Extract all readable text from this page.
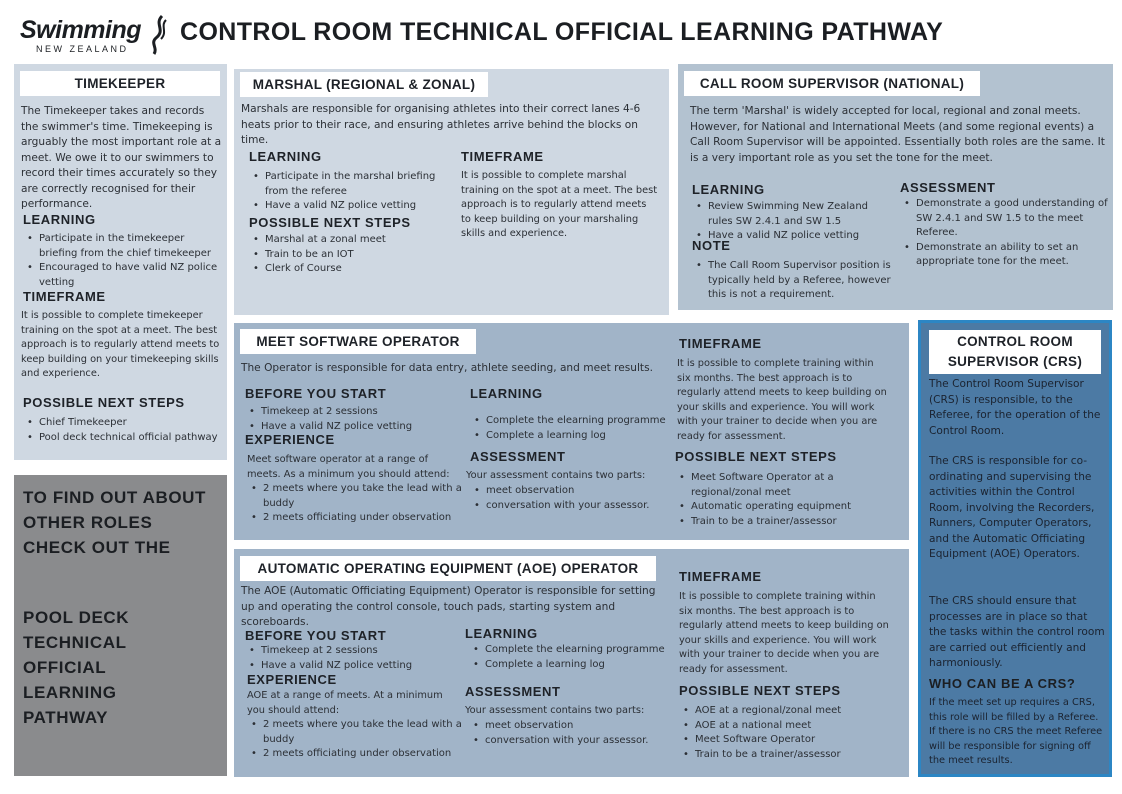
Swimming
NEW ZEALAND
CONTROL ROOM TECHNICAL OFFICIAL LEARNING PATHWAY
TIMEKEEPER
The Timekeeper takes and records the swimmer's time. Timekeeping is arguably the most important role at a meet. We owe it to our swimmers to record their times accurately so they are correctly recognised for their performance.
LEARNING
• Participate in the timekeeper briefing from the chief timekeeper
• Encouraged to have valid NZ police vetting
TIMEFRAME
It is possible to complete timekeeper training on the spot at a meet. The best approach is to regularly attend meets to keep building on your timekeeping skills and experience.
POSSIBLE NEXT STEPS
• Chief Timekeeper
• Pool deck technical official pathway
TO FIND OUT ABOUT OTHER ROLES CHECK OUT THE
POOL DECK TECHNICAL OFFICIAL LEARNING PATHWAY
MARSHAL (REGIONAL & ZONAL)
Marshals are responsible for organising athletes into their correct lanes 4-6 heats prior to their race, and ensuring athletes arrive behind the blocks on time.
LEARNING
• Participate in the marshal briefing from the referee
• Have a valid NZ police vetting
POSSIBLE NEXT STEPS
• Marshal at a zonal meet
• Train to be an IOT
• Clerk of Course
TIMEFRAME
It is possible to complete marshal training on the spot at a meet. The best approach is to regularly attend meets to keep building on your marshaling skills and experience.
CALL ROOM SUPERVISOR (NATIONAL)
The term 'Marshal' is widely accepted for local, regional and zonal meets. However, for National and International Meets (and some regional events) a Call Room Supervisor will be appointed. Essentially both roles are the same. It is a very important role as you set the tone for the meet.
LEARNING
• Review Swimming New Zealand rules SW 2.4.1 and SW 1.5
• Have a valid NZ police vetting
NOTE
• The Call Room Supervisor position is typically held by a Referee, however this is not a requirement.
ASSESSMENT
• Demonstrate a good understanding of SW 2.4.1 and SW 1.5 to the meet Referee.
• Demonstrate an ability to set an appropriate tone for the meet.
MEET SOFTWARE OPERATOR
The Operator is responsible for data entry, athlete seeding, and meet results.
BEFORE YOU START
• Timekeep at 2 sessions
• Have a valid NZ police vetting
EXPERIENCE
Meet software operator at a range of meets. As a minimum you should attend:
• 2 meets where you take the lead with a buddy
• 2 meets officiating under observation
LEARNING
• Complete the elearning programme
• Complete a learning log
ASSESSMENT
Your assessment contains two parts:
• meet observation
• conversation with your assessor.
TIMEFRAME
It is possible to complete training within six months. The best approach is to regularly attend meets to keep building on your skills and experience. You will work with your trainer to decide when you are ready for assessment.
POSSIBLE NEXT STEPS
• Meet Software Operator at a regional/zonal meet
• Automatic operating equipment
• Train to be a trainer/assessor
AUTOMATIC OPERATING EQUIPMENT (AOE) OPERATOR
The AOE (Automatic Officiating Equipment) Operator is responsible for setting up and operating the control console, touch pads, starting system and scoreboards.
BEFORE YOU START
• Timekeep at 2 sessions
• Have a valid NZ police vetting
EXPERIENCE
AOE at a range of meets. At a minimum you should attend:
• 2 meets where you take the lead with a buddy
• 2 meets officiating under observation
LEARNING
• Complete the elearning programme
• Complete a learning log
ASSESSMENT
Your assessment contains two parts:
• meet observation
• conversation with your assessor.
TIMEFRAME
It is possible to complete training within six months. The best approach is to regularly attend meets to keep building on your skills and experience. You will work with your trainer to decide when you are ready for assessment.
POSSIBLE NEXT STEPS
• AOE at a regional/zonal meet
• AOE at a national meet
• Meet Software Operator
• Train to be a trainer/assessor
CONTROL ROOM
SUPERVISOR (CRS)
The Control Room Supervisor (CRS) is responsible, to the Referee, for the operation of the Control Room.
The CRS is responsible for co-ordinating and supervising the activities within the Control Room, involving the Recorders, Runners, Computer Operators, and the Automatic Officiating Equipment (AOE) Operators.
The CRS should ensure that processes are in place so that the tasks within the control room are carried out efficiently and harmoniously.
WHO CAN BE A CRS?
If the meet set up requires a CRS, this role will be filled by a Referee. If there is no CRS the meet Referee will be responsible for signing off the meet results.
